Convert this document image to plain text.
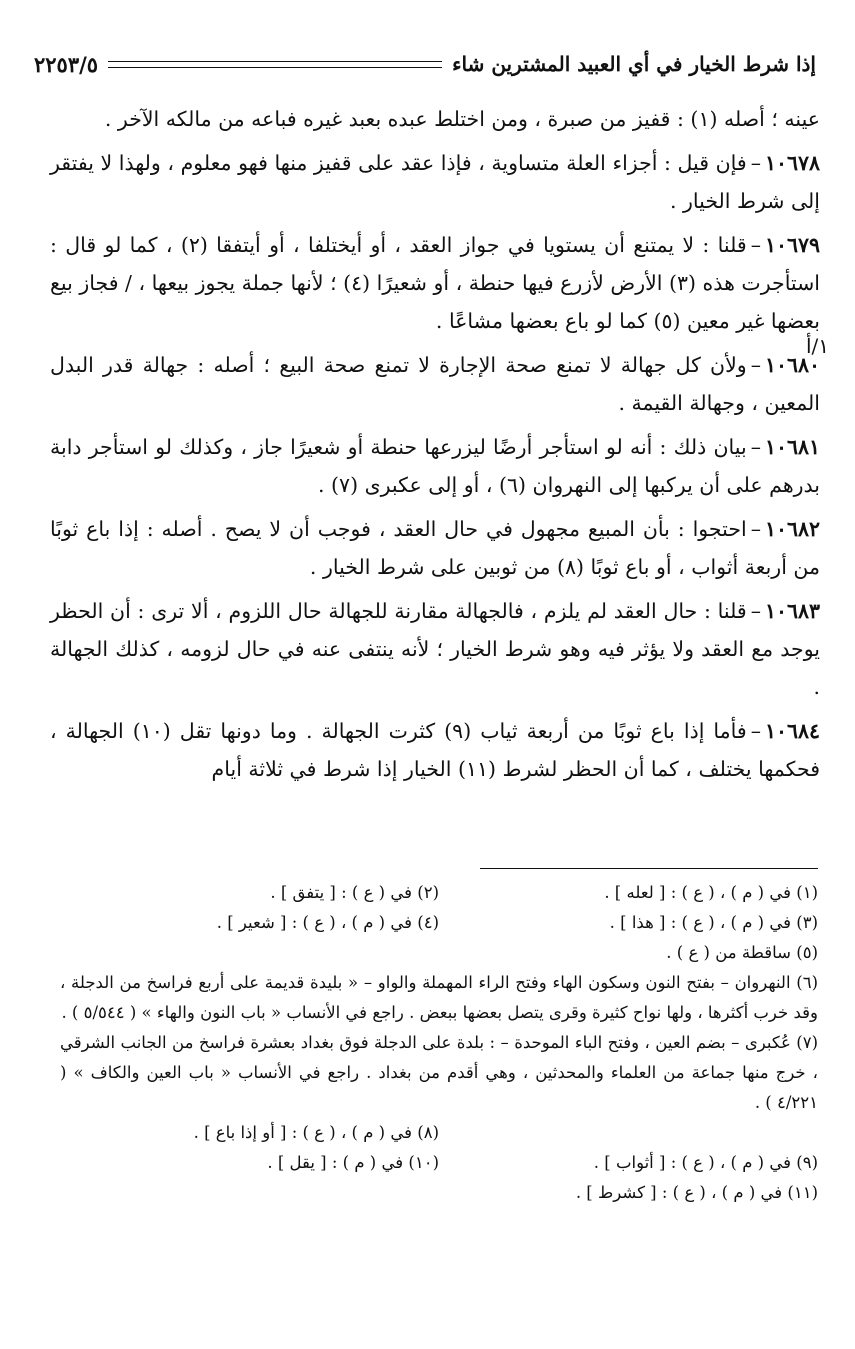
إذا شرط الخيار في أي العبيد المشترين شاء
٢٢٥٣/٥
١/أ

عينه ؛ أصله (١) : قفيز من صبرة ، ومن اختلط عبده بعبد غيره فباعه من مالكه الآخر .

١٠٦٧٨–فإن قيل : أجزاء العلة متساوية ، فإذا عقد على قفيز منها فهو معلوم ، ولهذا لا يفتقر إلى شرط الخيار .

١٠٦٧٩–قلنا : لا يمتنع أن يستويا في جواز العقد ، أو أيختلفا ، أو أيتفقا (٢) ، كما لو قال : استأجرت هذه (٣) الأرض لأزرع فيها حنطة ، أو شعيرًا (٤) ؛ لأنها جملة يجوز بيعها ، / فجاز بيع بعضها غير معين (٥) كما لو باع بعضها مشاعًا .

١٠٦٨٠–ولأن كل جهالة لا تمنع صحة الإجارة لا تمنع صحة البيع ؛ أصله : جهالة قدر البدل المعين ، وجهالة القيمة .

١٠٦٨١–بيان ذلك : أنه لو استأجر أرضًا ليزرعها حنطة أو شعيرًا جاز ، وكذلك لو استأجر دابة بدرهم على أن يركبها إلى النهروان (٦) ، أو إلى عكبرى (٧) .

١٠٦٨٢–احتجوا : بأن المبيع مجهول في حال العقد ، فوجب أن لا يصح . أصله : إذا باع ثوبًا من أربعة أثواب ، أو باع ثوبًا (٨) من ثوبين على شرط الخيار .

١٠٦٨٣–قلنا : حال العقد لم يلزم ، فالجهالة مقارنة للجهالة حال اللزوم ، ألا ترى : أن الحظر يوجد مع العقد ولا يؤثر فيه وهو شرط الخيار ؛ لأنه ينتفى عنه في حال لزومه ، كذلك الجهالة .

١٠٦٨٤–فأما إذا باع ثوبًا من أربعة ثياب (٩) كثرت الجهالة . وما دونها تقل (١٠) الجهالة ، فحكمها يختلف ، كما أن الحظر لشرط (١١) الخيار إذا شرط في ثلاثة أيام

(١) في ( م ) ، ( ع ) : [ لعله ] .
(٢) في ( ع ) : [ يتفق ] .
(٣) في ( م ) ، ( ع ) : [ هذا ] .
(٤) في ( م ) ، ( ع ) : [ شعير ] .
(٥) ساقطة من ( ع ) .
(٦) النهروان – بفتح النون وسكون الهاء وفتح الراء المهملة والواو – « بليدة قديمة على أربع فراسخ من الدجلة ، وقد خرب أكثرها ، ولها نواح كثيرة وقرى يتصل بعضها ببعض . راجع في الأنساب « باب النون والهاء » ( ٥/٥٤٤ ) .
(٧) عُكبرى – بضم العين ، وفتح الباء الموحدة – : بلدة على الدجلة فوق بغداد بعشرة فراسخ من الجانب الشرقي ، خرج منها جماعة من العلماء والمحدثين ، وهي أقدم من بغداد . راجع في الأنساب « باب العين والكاف » ( ٤/٢٢١ ) .
(٨) في ( م ) ، ( ع ) : [ أو إذا باع ] .
(٩) في ( م ) ، ( ع ) : [ أثواب ] .
(١٠) في ( م ) : [ يقل ] .
(١١) في ( م ) ، ( ع ) : [ كشرط ] .
